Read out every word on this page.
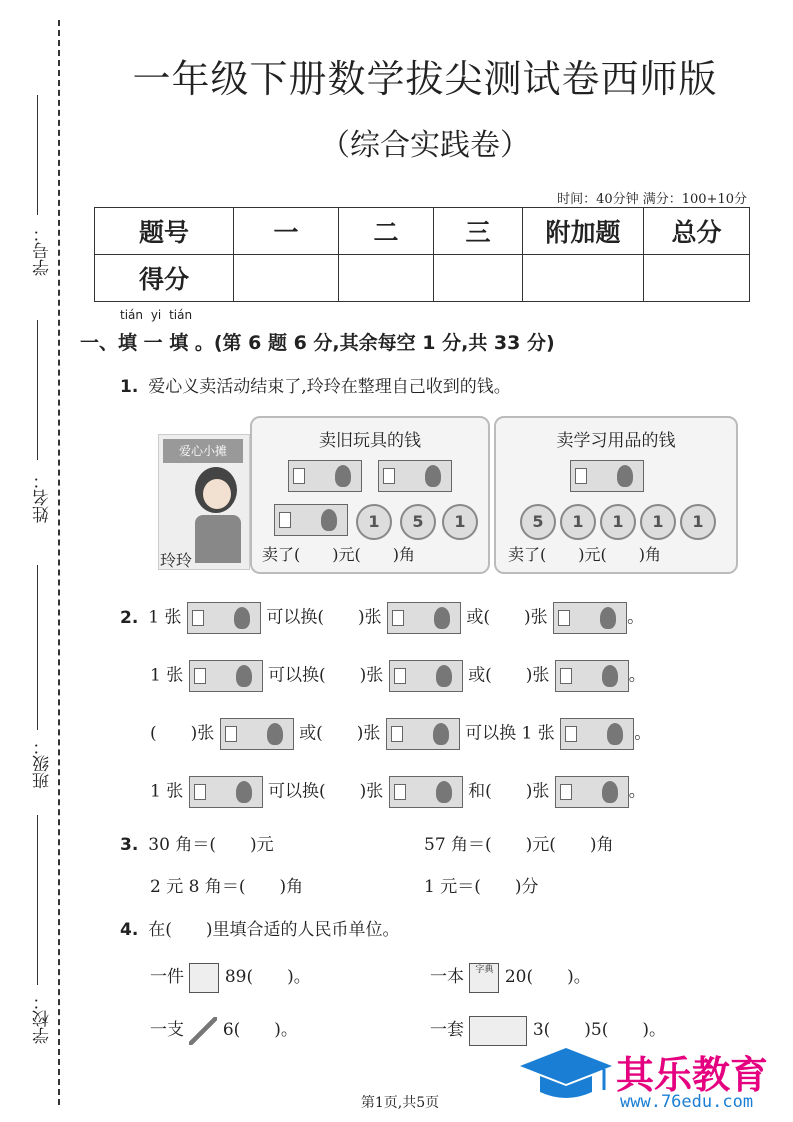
学号：
姓名：
班级：
学校：
一年级下册数学拔尖测试卷西师版
（综合实践卷）
时间：40分钟 满分：100+10分
题号	一	二	三	附加题	总分
得分					
tián yi tián
一、填 一 填 。(第 6 题 6 分,其余每空 1 分,共 33 分)
1. 爱心义卖活动结束了,玲玲在整理自己收到的钱。
爱心小摊
玲玲
卖旧玩具的钱
1	5	1
卖了(　　)元(　　)角
卖学习用品的钱
5	1	1	1	1
卖了(　　)元(　　)角
2. 1 张	可以换(　　)张	或(　　)张	。
1 张	可以换(　　)张	或(　　)张	。
(　　)张	或(　　)张	可以换 1 张	。
1 张	可以换(　　)张	和(　　)张	。
3. 30 角＝(　　)元	57 角＝(　　)元(　　)角
2 元 8 角＝(　　)角	1 元＝(　　)分
4. 在(　　)里填合适的人民币单位。
一件 89(　　)。	一本 字典 20(　　)。
一支 6(　　)。	一套	3(　　)5(　　)。
第1页,共5页
其乐教育
www.76edu.com
